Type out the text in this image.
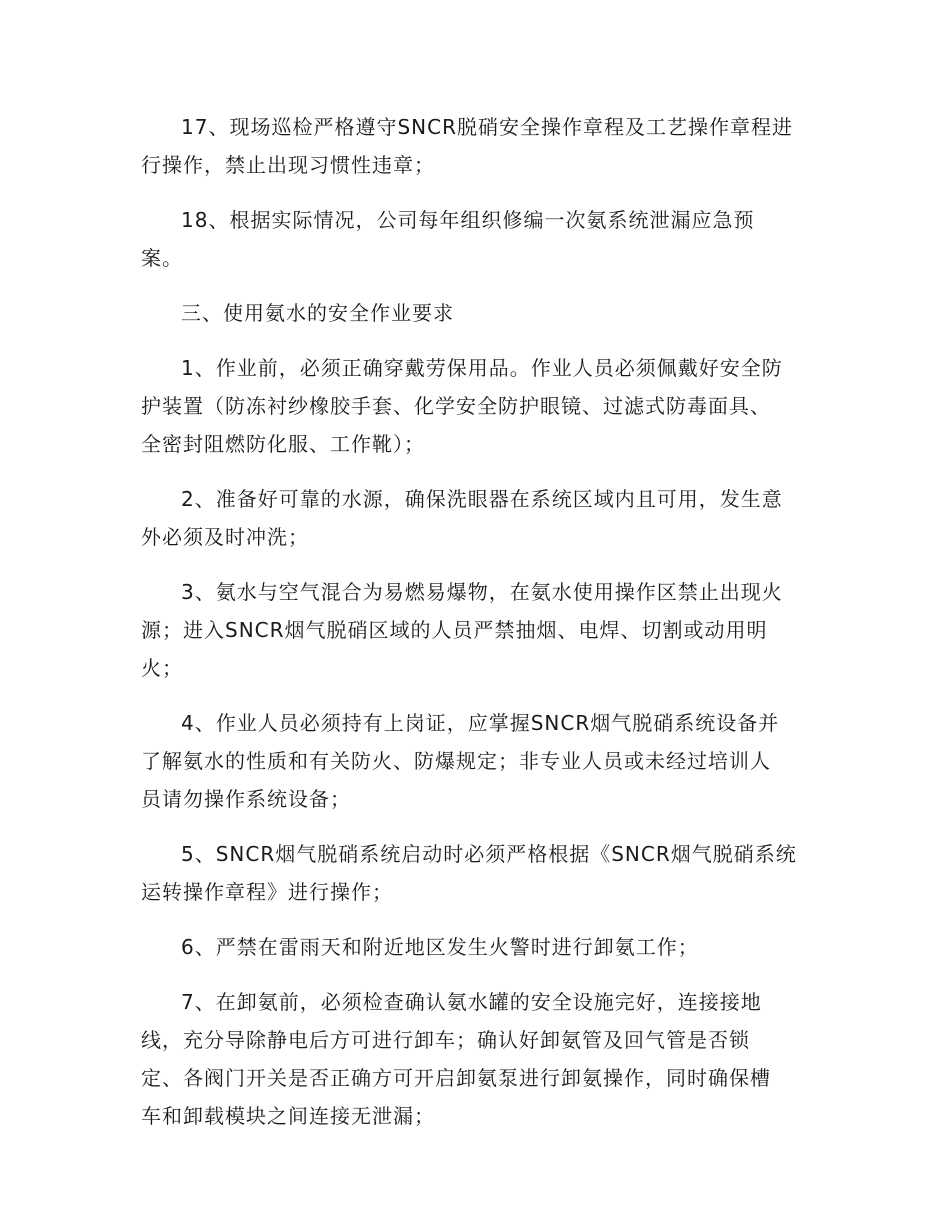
17、现场巡检严格遵守SNCR脱硝安全操作章程及工艺操作章程进
行操作，禁止出现习惯性违章；

18、根据实际情况，公司每年组织修编一次氨系统泄漏应急预
案。

三、使用氨水的安全作业要求

1、作业前，必须正确穿戴劳保用品。作业人员必须佩戴好安全防
护装置（防冻衬纱橡胶手套、化学安全防护眼镜、过滤式防毒面具、
全密封阻燃防化服、工作靴）；

2、准备好可靠的水源，确保洗眼器在系统区域内且可用，发生意
外必须及时冲洗；

3、氨水与空气混合为易燃易爆物，在氨水使用操作区禁止出现火
源；进入SNCR烟气脱硝区域的人员严禁抽烟、电焊、切割或动用明
火；

4、作业人员必须持有上岗证，应掌握SNCR烟气脱硝系统设备并
了解氨水的性质和有关防火、防爆规定；非专业人员或未经过培训人
员请勿操作系统设备；

5、SNCR烟气脱硝系统启动时必须严格根据《SNCR烟气脱硝系统
运转操作章程》进行操作；

6、严禁在雷雨天和附近地区发生火警时进行卸氨工作；

7、在卸氨前，必须检查确认氨水罐的安全设施完好，连接接地
线，充分导除静电后方可进行卸车；确认好卸氨管及回气管是否锁
定、各阀门开关是否正确方可开启卸氨泵进行卸氨操作，同时确保槽
车和卸载模块之间连接无泄漏；
